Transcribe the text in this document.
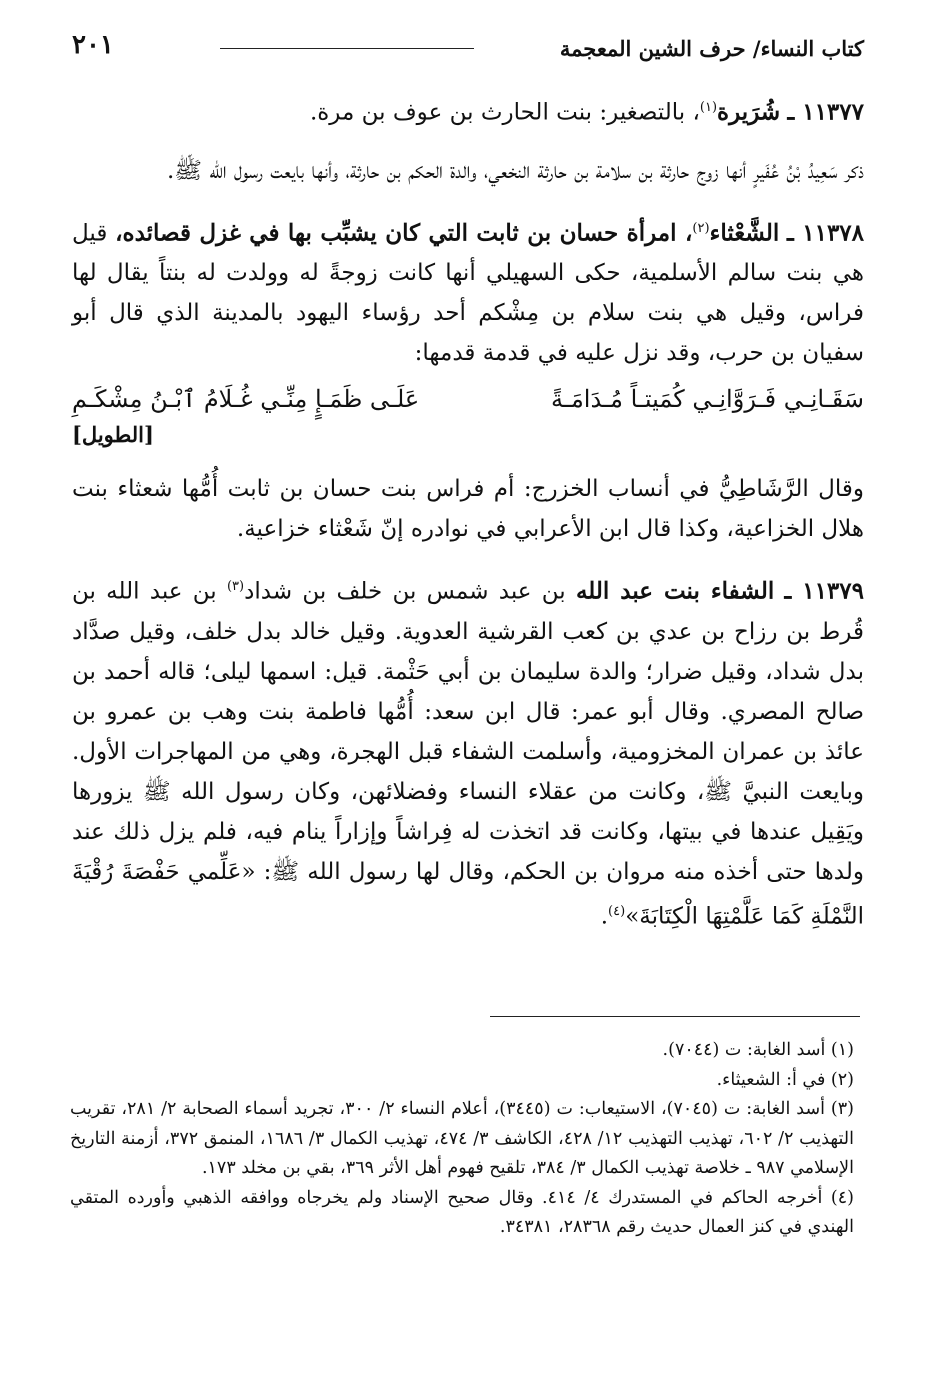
كتاب النساء/ حرف الشين المعجمة
٢٠١

١١٣٧٧ ـ شُرَيرة$^{(١)}$، بالتصغير: بنت الحارث بن عوف بن مرة.

ذكر سَعِيدُ بْنُ عُفَيرٍ أنها زوج حارثة بن سلامة بن حارثة النخعي، والدة الحكم بن حارثة، وأنها بايعت رسول الله ﷺ.

١١٣٧٨ ـ الشَّعْثاء$^{(٢)}$، امرأة حسان بن ثابت التي كان يشبِّب بها في غزل قصائده، قيل هي بنت سالم الأسلمية، حكى السهيلي أنها كانت زوجةً له وولدت له بنتاً يقال لها فراس، وقيل هي بنت سلام بن مِشْكم أحد رؤساء اليهود بالمدينة الذي قال أبو سفيان بن حرب، وقد نزل عليه في قدمة قدمها:

سَقَـانِـي فَـرَوَّانِـي كُمَيتـاً مُـدَامَـةً
عَلَـى ظَمَـإٍ مِنِّـي غُـلَامُ ٱبْـنُ مِشْكَـمِ
[الطويل]

وقال الرَّشَاطِيُّ في أنساب الخزرج: أم فراس بنت حسان بن ثابت أُمُّها شعثاء بنت هلال الخزاعية، وكذا قال ابن الأعرابي في نوادره إنّ شَعْثاء خزاعية.

١١٣٧٩ ـ الشفاء بنت عبد الله بن عبد شمس بن خلف بن شداد$^{(٣)}$ بن عبد الله بن قُرط بن رزاح بن عدي بن كعب القرشية العدوية. وقيل خالد بدل خلف، وقيل صدَّاد بدل شداد، وقيل ضرار؛ والدة سليمان بن أبي حَثْمة. قيل: اسمها ليلى؛ قاله أحمد بن صالح المصري. وقال أبو عمر: قال ابن سعد: أُمُّها فاطمة بنت وهب بن عمرو بن عائذ بن عمران المخزومية، وأسلمت الشفاء قبل الهجرة، وهي من المهاجرات الأول. وبايعت النبيَّ ﷺ، وكانت من عقلاء النساء وفضلائهن، وكان رسول الله ﷺ يزورها ويَقِيل عندها في بيتها، وكانت قد اتخذت له فِراشاً وإزاراً ينام فيه، فلم يزل ذلك عند ولدها حتى أخذه منه مروان بن الحكم، وقال لها رسول الله ﷺ: «عَلِّمي حَفْصَةَ رُقْيَةَ النَّمْلَةِ كَمَا عَلَّمْتِهَا الْكِتَابَةَ»$^{(٤)}$.

(١) أسد الغابة: ت (٧٠٤٤).

(٢) في أ: الشعيثاء.

(٣) أسد الغابة: ت (٧٠٤٥)، الاستيعاب: ت (٣٤٤٥)، أعلام النساء ٢/ ٣٠٠، تجريد أسماء الصحابة ٢/ ٢٨١، تقريب التهذيب ٢/ ٦٠٢، تهذيب التهذيب ١٢/ ٤٢٨، الكاشف ٣/ ٤٧٤، تهذيب الكمال ٣/ ١٦٨٦، المنمق ٣٧٢، أزمنة التاريخ الإسلامي ٩٨٧ ـ خلاصة تهذيب الكمال ٣/ ٣٨٤، تلقيح فهوم أهل الأثر ٣٦٩، بقي بن مخلد ١٧٣.

(٤) أخرجه الحاكم في المستدرك ٤/ ٤١٤. وقال صحيح الإسناد ولم يخرجاه ووافقه الذهبي وأورده المتقي الهندي في كنز العمال حديث رقم ٢٨٣٦٨، ٣٤٣٨١.
